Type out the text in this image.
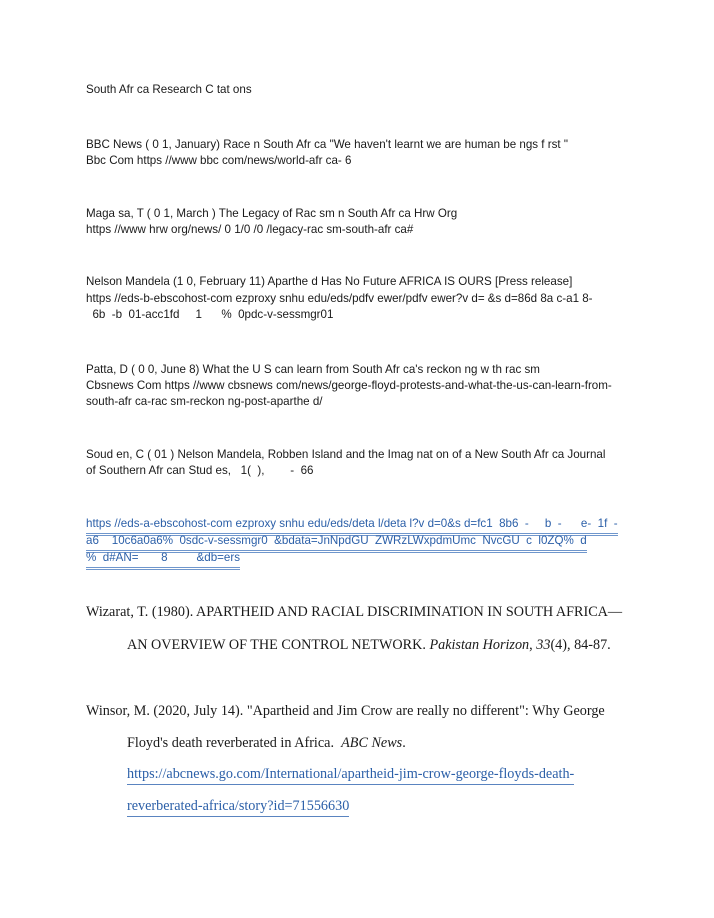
South Afr ca Research C tat ons
BBC News ( 0 1, January) Race n South Afr ca "We haven't learnt we are human be ngs f rst "
Bbc Com https //www bbc com/news/world-afr ca- 6
Maga sa, T ( 0 1, March ) The Legacy of Rac sm n South Afr ca Hrw Org
https //www hrw org/news/ 0 1/0 /0 /legacy-rac sm-south-afr ca#
Nelson Mandela (1 0, February 11) Aparthe d Has No Future AFRICA IS OURS [Press release]
https //eds-b-ebscohost-com ezproxy snhu edu/eds/pdfv ewer/pdfv ewer?v d= &s d=86d 8a c-a1 8-
6b  -b  01-acc1fd     1      %  0pdc-v-sessmgr01
Patta, D ( 0 0, June 8) What the U S can learn from South Afr ca's reckon ng w th rac sm
Cbsnews Com https //www cbsnews com/news/george-floyd-protests-and-what-the-us-can-learn-from-
south-afr ca-rac sm-reckon ng-post-aparthe d/
Soud en, C ( 01 ) Nelson Mandela, Robben Island and the Imag nat on of a New South Afr ca Journal
of Southern Afr can Stud es,   1(  ),        -  66
https //eds-a-ebscohost-com ezproxy snhu edu/eds/deta l/deta l?v d=0&s d=fc1  8b6  -     b  -      e-  1f  -
a6    10c6a0a6%  0sdc-v-sessmgr0  &bdata=JnNpdGU  ZWRzLWxpdmUmc  NvcGU  c  l0ZQ%  d
%  d#AN=       8         &db=ers
Wizarat, T. (1980). APARTHEID AND RACIAL DISCRIMINATION IN SOUTH AFRICA—
AN OVERVIEW OF THE CONTROL NETWORK. Pakistan Horizon, 33(4), 84-87.
Winsor, M. (2020, July 14). "Apartheid and Jim Crow are really no different": Why George
Floyd's death reverberated in Africa.  ABC News.
https://abcnews.go.com/International/apartheid-jim-crow-george-floyds-death-
reverberated-africa/story?id=71556630
